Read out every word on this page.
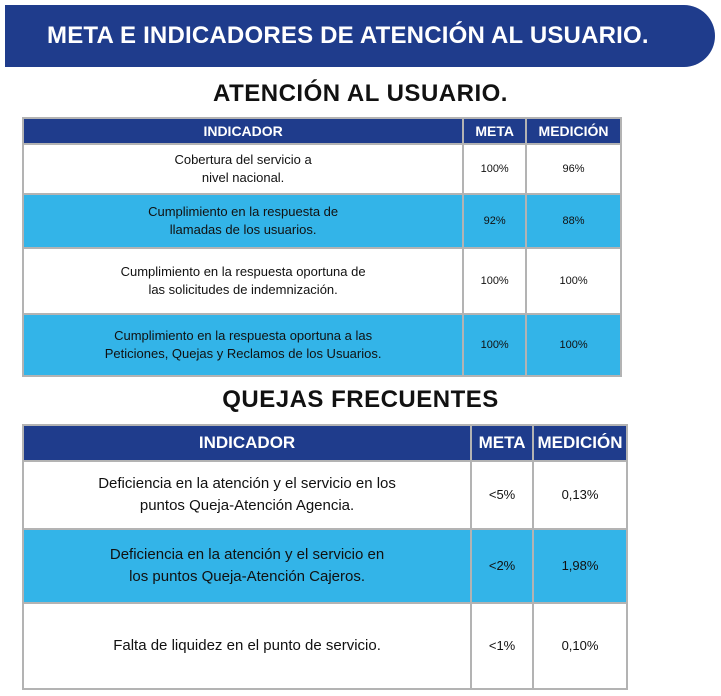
META E INDICADORES DE ATENCIÓN AL USUARIO.
ATENCIÓN AL USUARIO.
INDICADOR	META	MEDICIÓN

Cobertura del servicio a
nivel nacional.	100%	96%

Cumplimiento en la respuesta de
llamadas de los usuarios.	92%	88%

Cumplimiento en la respuesta oportuna de
las solicitudes de indemnización.	100%	100%

Cumplimiento en la respuesta oportuna a las
Peticiones, Quejas y Reclamos de los Usuarios.	100%	100%
QUEJAS FRECUENTES
INDICADOR	META	MEDICIÓN

Deficiencia en la atención y el servicio en los
puntos Queja-Atención Agencia.	<5%	0,13%

Deficiencia en la atención y el servicio en
los puntos Queja-Atención Cajeros.	<2%	1,98%

Falta de liquidez en el punto de servicio.	<1%	0,10%
